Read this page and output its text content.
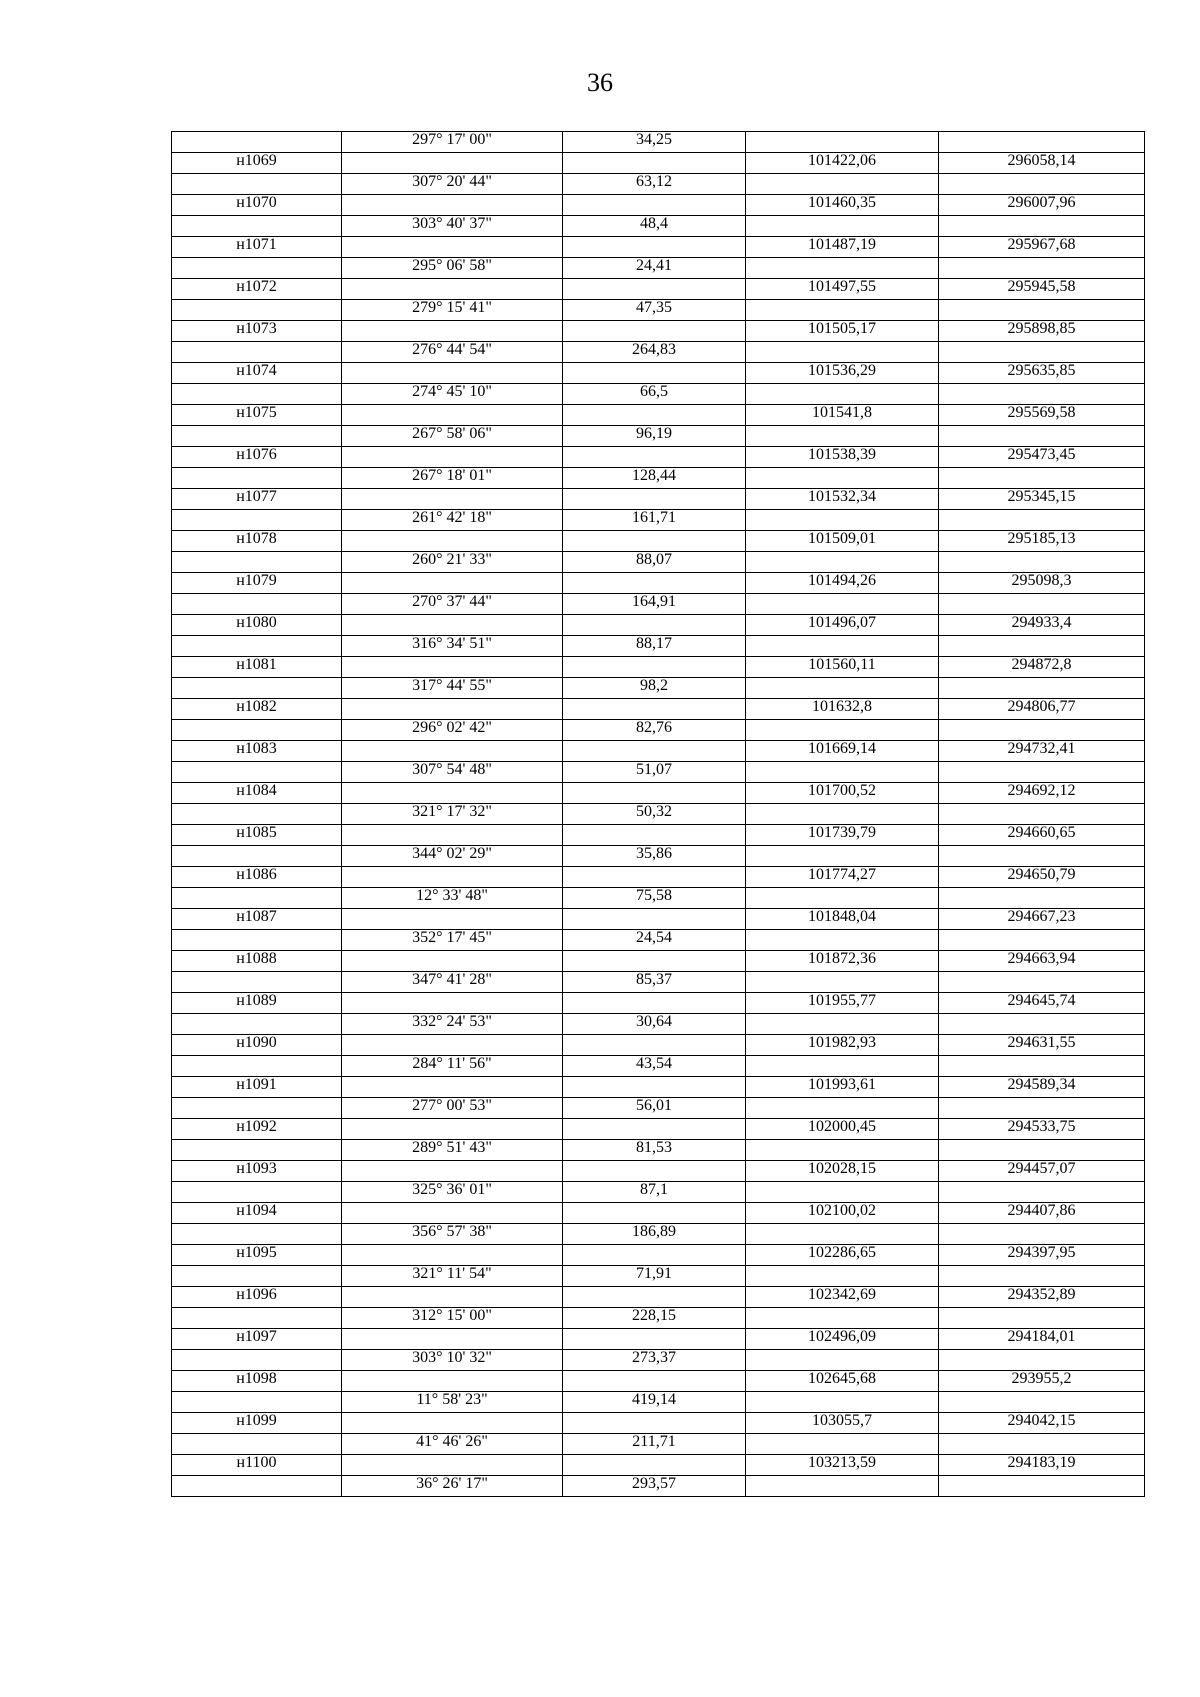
36
	297° 17' 00"	34,25		
н1069			101422,06	296058,14
	307° 20' 44"	63,12		
н1070			101460,35	296007,96
	303° 40' 37"	48,4		
н1071			101487,19	295967,68
	295° 06' 58"	24,41		
н1072			101497,55	295945,58
	279° 15' 41"	47,35		
н1073			101505,17	295898,85
	276° 44' 54"	264,83		
н1074			101536,29	295635,85
	274° 45' 10"	66,5		
н1075			101541,8	295569,58
	267° 58' 06"	96,19		
н1076			101538,39	295473,45
	267° 18' 01"	128,44		
н1077			101532,34	295345,15
	261° 42' 18"	161,71		
н1078			101509,01	295185,13
	260° 21' 33"	88,07		
н1079			101494,26	295098,3
	270° 37' 44"	164,91		
н1080			101496,07	294933,4
	316° 34' 51"	88,17		
н1081			101560,11	294872,8
	317° 44' 55"	98,2		
н1082			101632,8	294806,77
	296° 02' 42"	82,76		
н1083			101669,14	294732,41
	307° 54' 48"	51,07		
н1084			101700,52	294692,12
	321° 17' 32"	50,32		
н1085			101739,79	294660,65
	344° 02' 29"	35,86		
н1086			101774,27	294650,79
	12° 33' 48"	75,58		
н1087			101848,04	294667,23
	352° 17' 45"	24,54		
н1088			101872,36	294663,94
	347° 41' 28"	85,37		
н1089			101955,77	294645,74
	332° 24' 53"	30,64		
н1090			101982,93	294631,55
	284° 11' 56"	43,54		
н1091			101993,61	294589,34
	277° 00' 53"	56,01		
н1092			102000,45	294533,75
	289° 51' 43"	81,53		
н1093			102028,15	294457,07
	325° 36' 01"	87,1		
н1094			102100,02	294407,86
	356° 57' 38"	186,89		
н1095			102286,65	294397,95
	321° 11' 54"	71,91		
н1096			102342,69	294352,89
	312° 15' 00"	228,15		
н1097			102496,09	294184,01
	303° 10' 32"	273,37		
н1098			102645,68	293955,2
	11° 58' 23"	419,14		
н1099			103055,7	294042,15
	41° 46' 26"	211,71		
н1100			103213,59	294183,19
	36° 26' 17"	293,57		
